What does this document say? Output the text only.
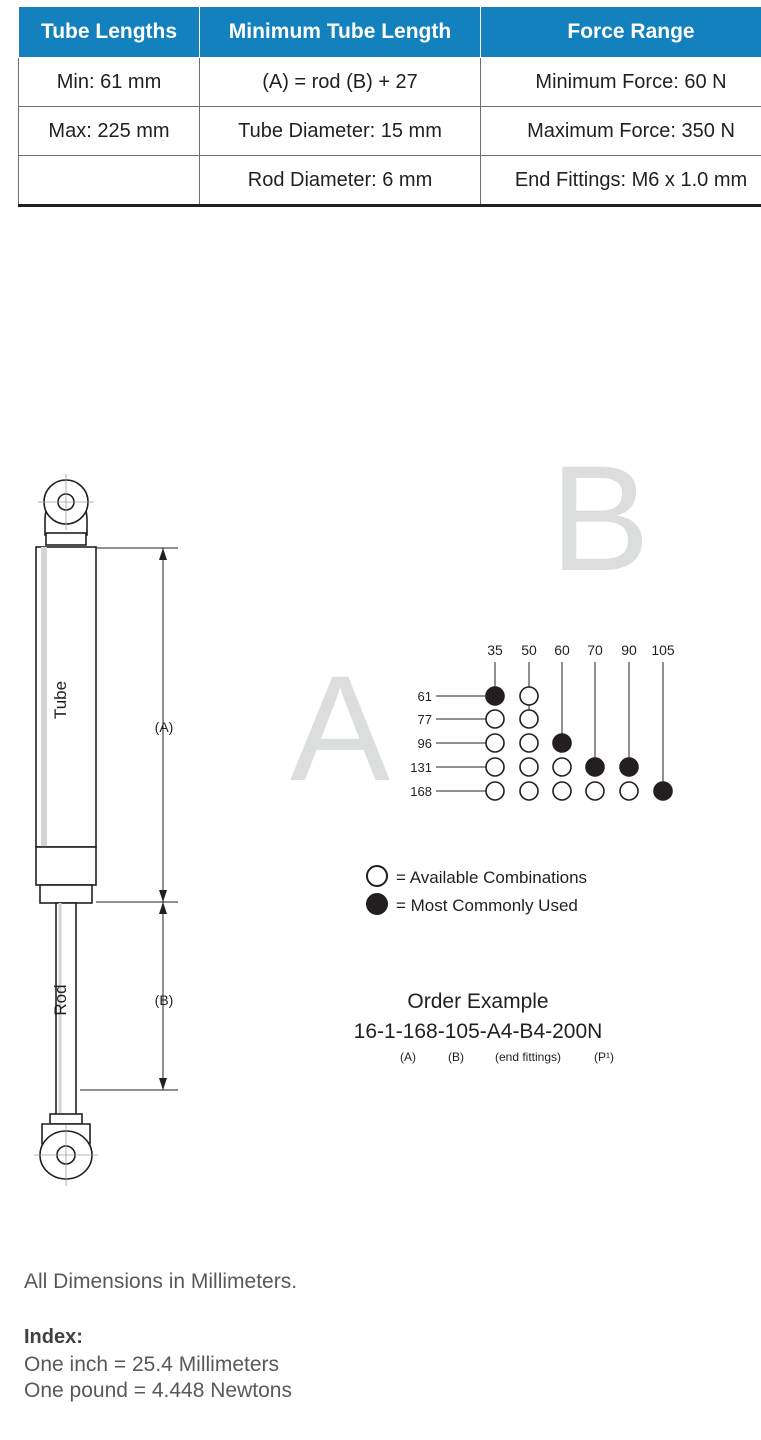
Tube Lengths	Minimum Tube Length	Force Range
Min: 61 mm	(A) = rod (B) + 27	Minimum Force: 60 N
Max: 225 mm	Tube Diameter: 15 mm	Maximum Force: 350 N
	Rod Diameter: 6 mm	End Fittings: M6 x 1.0 mm
B
A
Tube
Rod
(A)
(B)
35 50 60 70 90 105
61
77
96
131
168
= Available Combinations
= Most Commonly Used
Order Example
16-1-168-105-A4-B4-200N
(A)	(B)	(end fittings)	(P¹)

All Dimensions in Millimeters.

Index:

One inch = 25.4 Millimeters

One pound = 4.448 Newtons
